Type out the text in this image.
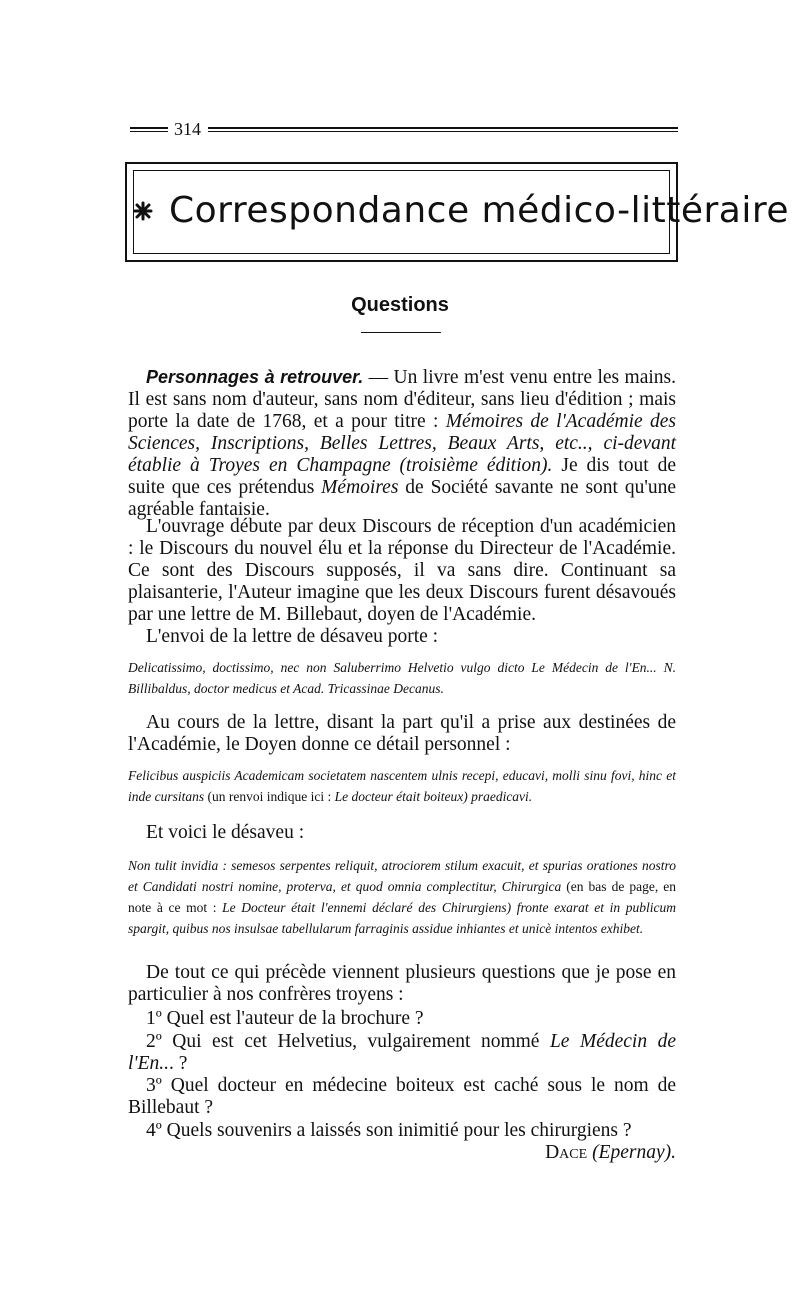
314
Correspondance médico-littéraire
Questions
Personnages à retrouver. — Un livre m'est venu entre les mains. Il est sans nom d'auteur, sans nom d'éditeur, sans lieu d'édition ; mais porte la date de 1768, et a pour titre : Mémoires de l'Académie des Sciences, Inscriptions, Belles Lettres, Beaux Arts, etc.., ci-devant établie à Troyes en Champagne (troisième édition). Je dis tout de suite que ces prétendus Mémoires de Société savante ne sont qu'une agréable fantaisie.
L'ouvrage débute par deux Discours de réception d'un académicien : le Discours du nouvel élu et la réponse du Directeur de l'Académie. Ce sont des Discours supposés, il va sans dire. Continuant sa plaisanterie, l'Auteur imagine que les deux Discours furent désavoués par une lettre de M. Billebaut, doyen de l'Académie.
L'envoi de la lettre de désaveu porte :
Delicatissimo, doctissimo, nec non Saluberrimo Helvetio vulgo dicto Le Médecin de l'En... N. Billibaldus, doctor medicus et Acad. Tricassinae Decanus.
Au cours de la lettre, disant la part qu'il a prise aux destinées de l'Académie, le Doyen donne ce détail personnel :
Felicibus auspiciis Academicam societatem nascentem ulnis recepi, educavi, molli sinu fovi, hinc et inde cursitans (un renvoi indique ici : Le docteur était boiteux) praedicavi.
Et voici le désaveu :
Non tulit invidia : semesos serpentes reliquit, atrociorem stilum exacuit, et spurias orationes nostro et Candidati nostri nomine, proterva, et quod omnia complectitur, Chirurgica (en bas de page, en note à ce mot : Le Docteur était l'ennemi déclaré des Chirurgiens) fronte exarat et in publicum spargit, quibus nos insulsae tabellularum farraginis assidue inhiantes et unicè intentos exhibet.
De tout ce qui précède viennent plusieurs questions que je pose en particulier à nos confrères troyens :
1º Quel est l'auteur de la brochure ?
2º Qui est cet Helvetius, vulgairement nommé Le Médecin de l'En... ?
3º Quel docteur en médecine boiteux est caché sous le nom de Billebaut ?
4º Quels souvenirs a laissés son inimitié pour les chirurgiens ?
Dace (Epernay).
